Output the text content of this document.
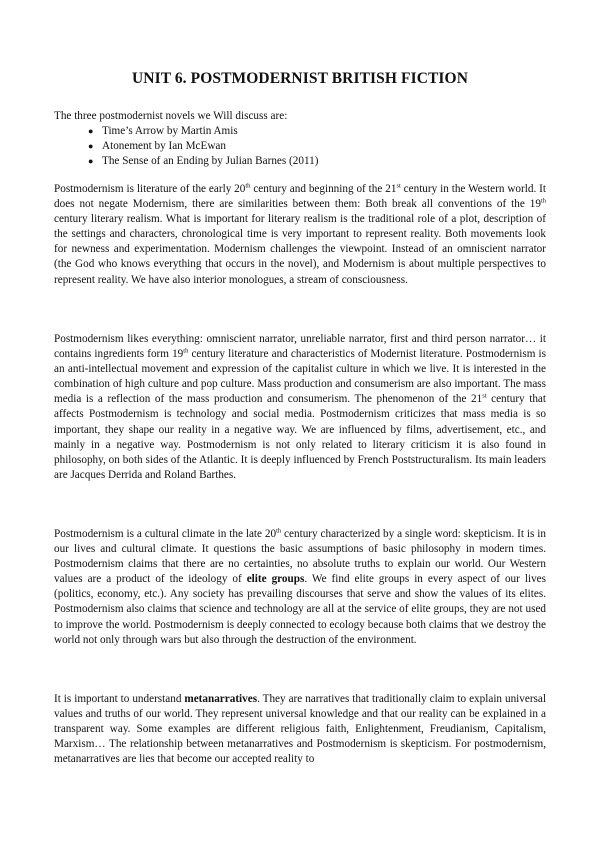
UNIT 6. POSTMODERNIST BRITISH FICTION
The three postmodernist novels we Will discuss are:
● Time’s Arrow by Martin Amis
● Atonement by Ian McEwan
● The Sense of an Ending by Julian Barnes (2011)

Postmodernism is literature of the early 20th century and beginning of the 21st century in the Western world. It does not negate Modernism, there are similarities between them: Both break all conventions of the 19th century literary realism. What is important for literary realism is the traditional role of a plot, description of the settings and characters, chronological time is very important to represent reality. Both movements look for newness and experimentation. Modernism challenges the viewpoint. Instead of an omniscient narrator (the God who knows everything that occurs in the novel), and Modernism is about multiple perspectives to represent reality. We have also interior monologues, a stream of consciousness.

Postmodernism likes everything: omniscient narrator, unreliable narrator, first and third person narrator… it contains ingredients form 19th century literature and characteristics of Modernist literature. Postmodernism is an anti-intellectual movement and expression of the capitalist culture in which we live. It is interested in the combination of high culture and pop culture. Mass production and consumerism are also important. The mass media is a reflection of the mass production and consumerism. The phenomenon of the 21st century that affects Postmodernism is technology and social media. Postmodernism criticizes that mass media is so important, they shape our reality in a negative way. We are influenced by films, advertisement, etc., and mainly in a negative way. Postmodernism is not only related to literary criticism it is also found in philosophy, on both sides of the Atlantic. It is deeply influenced by French Poststructuralism. Its main leaders are Jacques Derrida and Roland Barthes.

Postmodernism is a cultural climate in the late 20th century characterized by a single word: skepticism. It is in our lives and cultural climate. It questions the basic assumptions of basic philosophy in modern times. Postmodernism claims that there are no certainties, no absolute truths to explain our world. Our Western values are a product of the ideology of elite groups. We find elite groups in every aspect of our lives (politics, economy, etc.). Any society has prevailing discourses that serve and show the values of its elites. Postmodernism also claims that science and technology are all at the service of elite groups, they are not used to improve the world. Postmodernism is deeply connected to ecology because both claims that we destroy the world not only through wars but also through the destruction of the environment.

It is important to understand metanarratives. They are narratives that traditionally claim to explain universal values and truths of our world. They represent universal knowledge and that our reality can be explained in a transparent way. Some examples are different religious faith, Enlightenment, Freudianism, Capitalism, Marxism… The relationship between metanarratives and Postmodernism is skepticism. For postmodernism, metanarratives are lies that become our accepted reality to
